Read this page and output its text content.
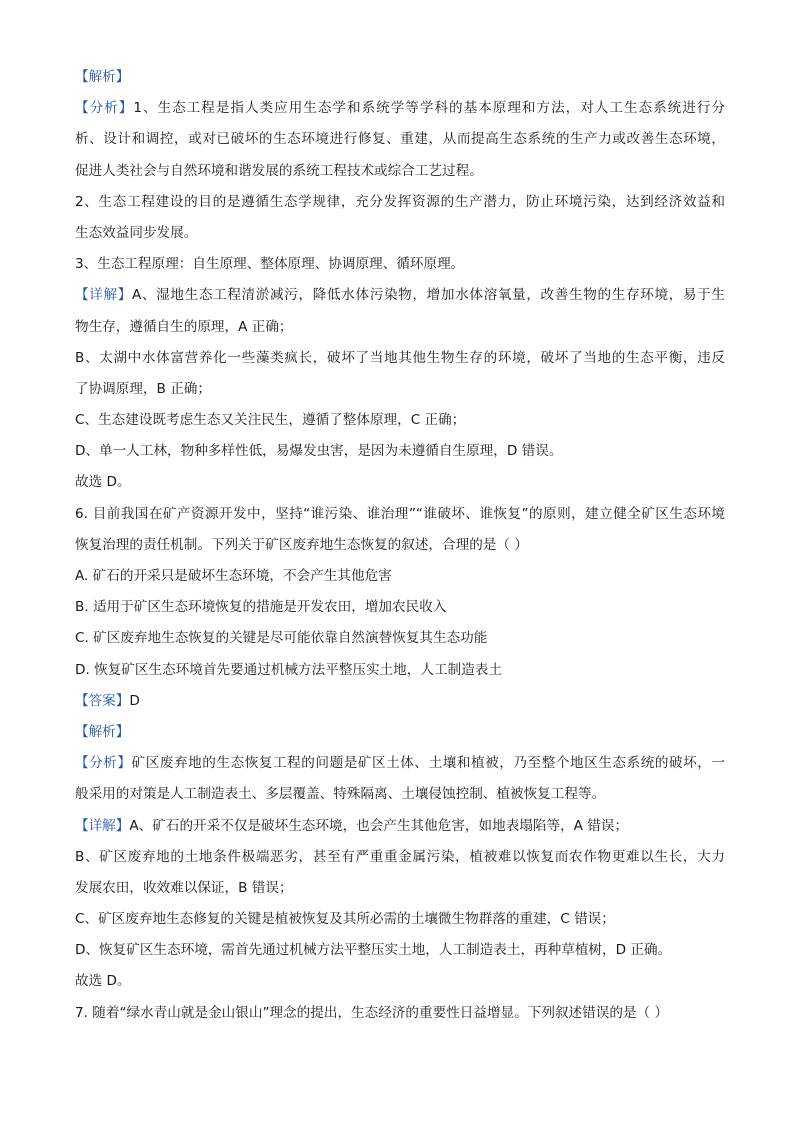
【解析】
【分析】1、生态工程是指人类应用生态学和系统学等学科的基本原理和方法，对人工生态系统进行分
析、设计和调控，或对已破坏的生态环境进行修复、重建，从而提高生态系统的生产力或改善生态环境，
促进人类社会与自然环境和谐发展的系统工程技术或综合工艺过程。
2、生态工程建设的目的是遵循生态学规律，充分发挥资源的生产潜力，防止环境污染，达到经济效益和
生态效益同步发展。
3、生态工程原理：自生原理、整体原理、协调原理、循环原理。
【详解】A、湿地生态工程清淤减污，降低水体污染物，增加水体溶氧量，改善生物的生存环境，易于生
物生存，遵循自生的原理，A 正确；
B、太湖中水体富营养化一些藻类疯长，破坏了当地其他生物生存的环境，破坏了当地的生态平衡，违反
了协调原理，B 正确；
C、生态建设既考虑生态又关注民生，遵循了整体原理，C 正确；
D、单一人工林，物种多样性低，易爆发虫害，是因为未遵循自生原理，D 错误。
故选 D。
6. 目前我国在矿产资源开发中，坚持“谁污染、谁治理”“谁破坏、谁恢复”的原则，建立健全矿区生态环境
恢复治理的责任机制。下列关于矿区废弃地生态恢复的叙述，合理的是（ ）
A. 矿石的开采只是破坏生态环境，不会产生其他危害
B. 适用于矿区生态环境恢复的措施是开发农田，增加农民收入
C. 矿区废弃地生态恢复的关键是尽可能依靠自然演替恢复其生态功能
D. 恢复矿区生态环境首先要通过机械方法平整压实土地，人工制造表土
【答案】D
【解析】
【分析】矿区废弃地的生态恢复工程的问题是矿区土体、土壤和植被，乃至整个地区生态系统的破坏，一
般采用的对策是人工制造表土、多层覆盖、特殊隔离、土壤侵蚀控制、植被恢复工程等。
【详解】A、矿石的开采不仅是破坏生态环境，也会产生其他危害，如地表塌陷等，A 错误；
B、矿区废弃地的土地条件极端恶劣，甚至有严重重金属污染，植被难以恢复而农作物更难以生长，大力
发展农田，收效难以保证，B 错误；
C、矿区废弃地生态修复的关键是植被恢复及其所必需的土壤微生物群落的重建，C 错误；
D、恢复矿区生态环境，需首先通过机械方法平整压实土地，人工制造表土，再种草植树，D 正确。
故选 D。
7. 随着“绿水青山就是金山银山”理念的提出，生态经济的重要性日益增显。下列叙述错误的是（ ）
